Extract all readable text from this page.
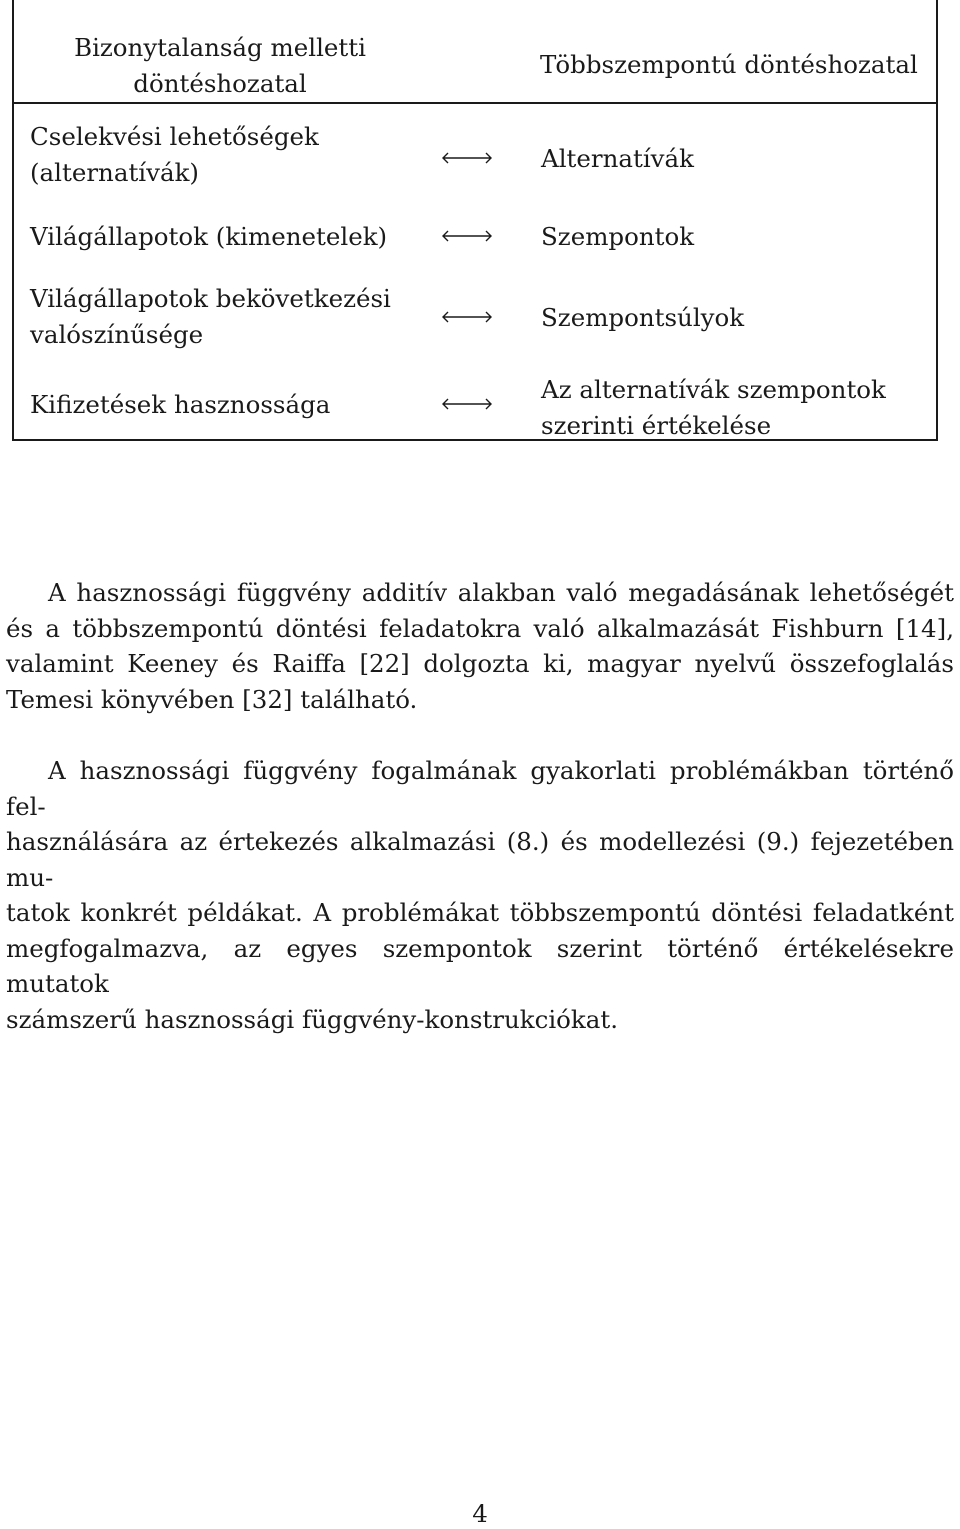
Bizonytalanság melletti
döntéshozatal
Többszempontú döntéshozatal
Cselekvési lehetőségek
(alternatívák)	Alternatívák
Világállapotok (kimenetelek)	Szempontok
Világállapotok bekövetkezési
valószínűsége
Szempontsúlyok
Kifizetések hasznossága
Az alternatívák szempontok
szerinti értékelése
A hasznossági függvény additív alakban való megadásának lehetőségét
és a többszempontú döntési feladatokra való alkalmazását Fishburn [14],
valamint Keeney és Raiffa [22] dolgozta ki, magyar nyelvű összefoglalás
Temesi könyvében [32] található.
A hasznossági függvény fogalmának gyakorlati problémákban történő fel-
használására az értekezés alkalmazási (8.) és modellezési (9.) fejezetében mu-
tatok konkrét példákat. A problémákat többszempontú döntési feladatként
megfogalmazva, az egyes szempontok szerint történő értékelésekre mutatok
számszerű hasznossági függvény-konstrukciókat.
4
